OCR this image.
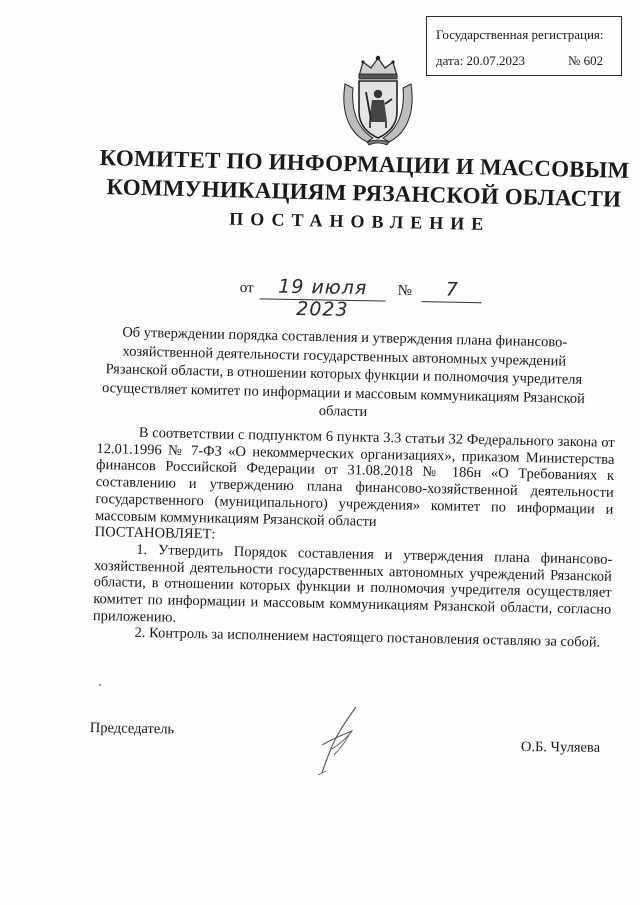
Государственная регистрация:
дата: 20.07.2023	№ 602
КОМИТЕТ ПО ИНФОРМАЦИИ И МАССОВЫМ КОММУНИКАЦИЯМ РЯЗАНСКОЙ ОБЛАСТИ
ПОСТАНОВЛЕНИЕ
от	19 июля 2023
№	7
Об утверждении порядка составления и утверждения плана финансово-хозяйственной деятельности государственных автономных учреждений Рязанской области, в отношении которых функции и полномочия учредителя осуществляет комитет по информации и массовым коммуникациям Рязанской области

В соответствии с подпунктом 6 пункта 3.3 статьи 32 Федерального закона от 12.01.1996 № 7-ФЗ «О некоммерческих организациях», приказом Министерства финансов Российской Федерации от 31.08.2018 № 186н «О Требованиях к составлению и утверждению плана финансово-хозяйственной деятельности государственного (муниципального) учреждения» комитет по информации и массовым коммуникациям Рязанской области

ПОСТАНОВЛЯЕТ:

1. Утвердить Порядок составления и утверждения плана финансово-хозяйственной деятельности государственных автономных учреждений Рязанской области, в отношении которых функции и полномочия учредителя осуществляет комитет по информации и массовым коммуникациям Рязанской области, согласно приложению.

2. Контроль за исполнением настоящего постановления оставляю за собой.

Председатель
О.Б. Чуляева
